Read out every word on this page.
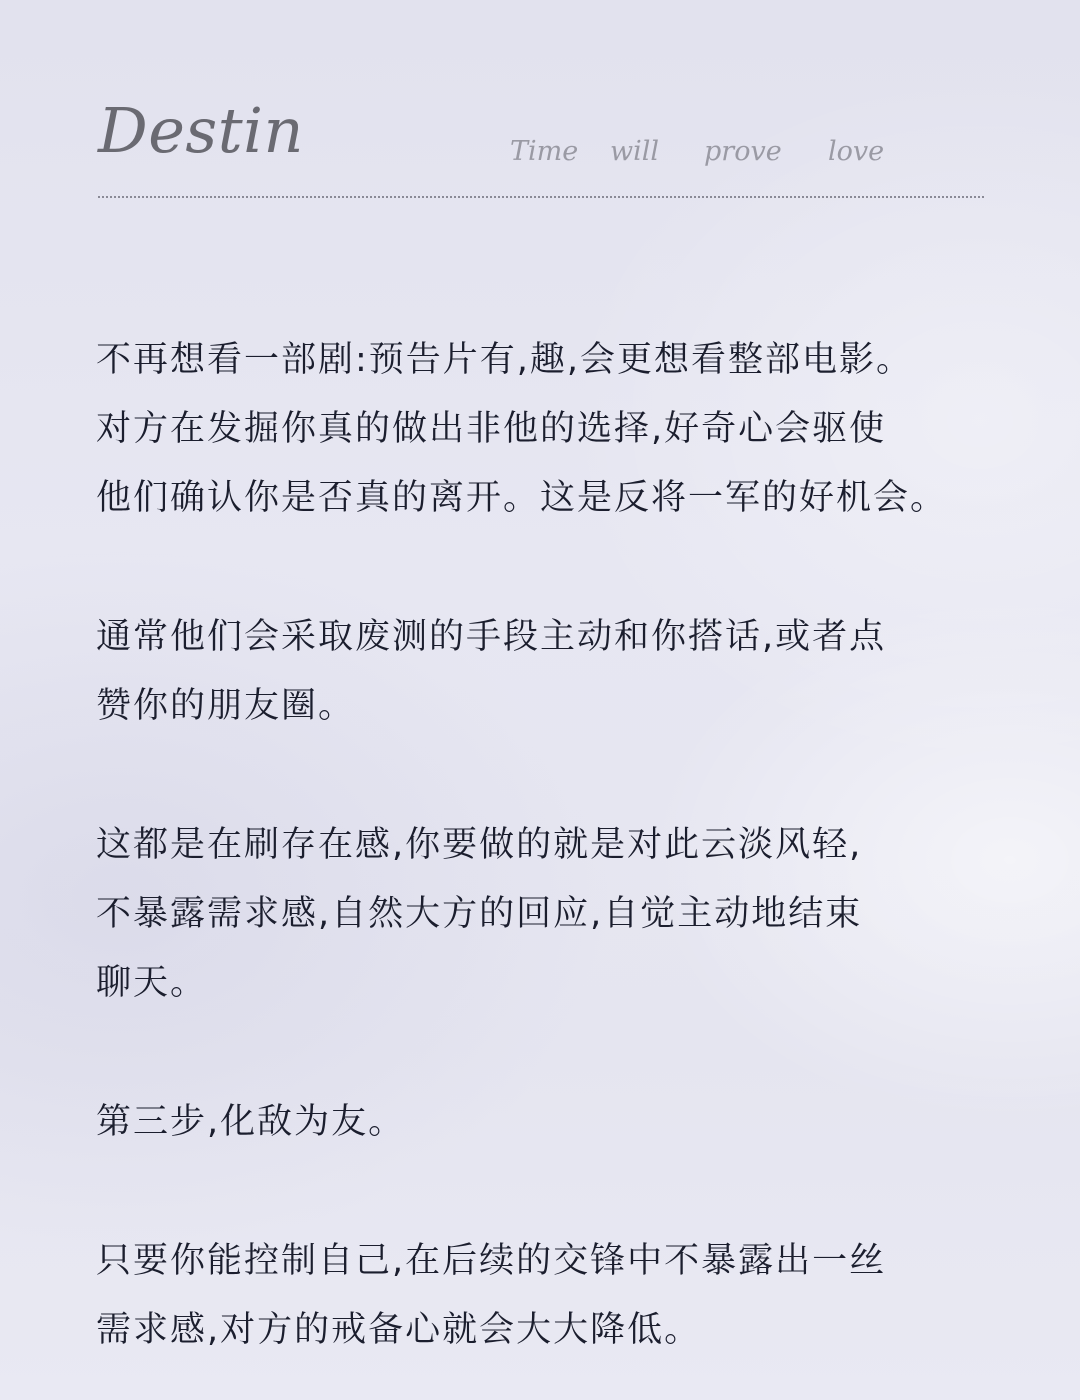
Destin	Time	will	prove	love
不再想看一部剧:预告片有,趣,会更想看整部电影。
对方在发掘你真的做出非他的选择,好奇心会驱使
他们确认你是否真的离开。这是反将一军的好机会。
通常他们会采取废测的手段主动和你搭话,或者点
赞你的朋友圈。
这都是在刷存在感,你要做的就是对此云淡风轻,
不暴露需求感,自然大方的回应,自觉主动地结束
聊天。
第三步,化敌为友。
只要你能控制自己,在后续的交锋中不暴露出一丝
需求感,对方的戒备心就会大大降低。
